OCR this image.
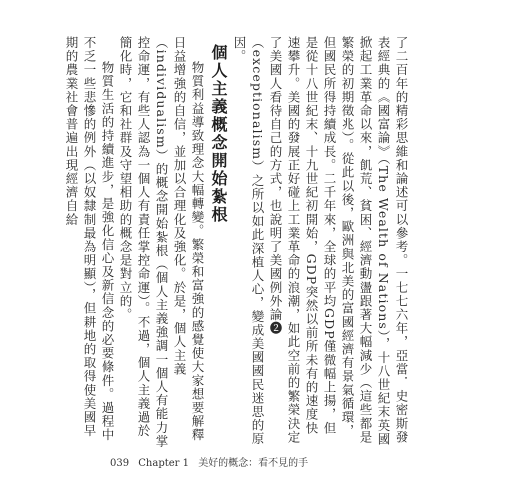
了二百年的精彩思維和論述可以參考。一七七六年，亞當．史密斯發表經典的《國富論》（The Wealth of Nations），十八世紀末英國掀起工業革命以來，飢荒、貧困、經濟動盪跟著大幅減少（這些都是繁榮的初期徵兆）。從此以後，歐洲與北美的富國經濟有景氣循環，但國民所得持續成長。二千年來，全球的平均GDP僅微幅上揚，但是從十八世紀末、十九世紀初開始，GDP突然以前所未有的速度快速攀升。美國的發展正好碰上工業革命的浪潮，如此空前的繁榮決定了美國人看待自己的方式，也說明了美國例外論❷（exceptionalism）之所以如此深植人心，變成美國國民迷思的原因。

個人主義概念開始紮根

物質利益導致理念大幅轉變。繁榮和富強的感覺使大家想要解釋日益增強的自信，並加以合理化及強化。於是，個人主義（individualism）的概念開始紮根（個人主義強調一個人有能力掌控命運，有些人認為一個人有責任掌控命運）。不過，個人主義過於簡化時，它和社群及守望相助的概念是對立的。

物質生活的持續進步，是強化信心及新信念的必要條件。過程中不乏一些悲慘的例外（以奴隸制最為明顯），但耕地的取得使美國早期的農業社會普遍出現經濟自給

039 Chapter 1 美好的概念：看不見的手
